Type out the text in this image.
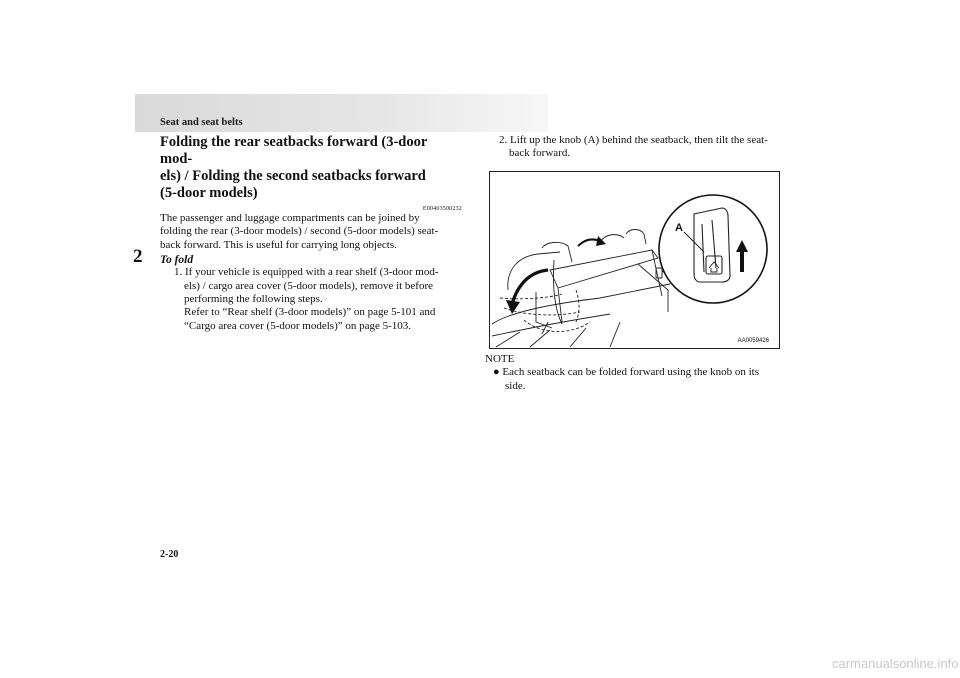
Seat and seat belts
2
Folding the rear seatbacks forward (3-door mod-
els) / Folding the second seatbacks forward
(5-door models)
E00403500232

The passenger and luggage compartments can be joined by

folding the rear (3-door models) / second (5-door models) seat-

back forward. This is useful for carrying long objects.

To fold

1. If your vehicle is equipped with a rear shelf (3-door mod-

els) / cargo area cover (5-door models), remove it before

performing the following steps.

Refer to “Rear shelf (3-door models)” on page 5-101 and

“Cargo area cover (5-door models)” on page 5-103.

2. Lift up the knob (A) behind the seatback, then tilt the seat-

back forward.

A
AA0059426

NOTE

● Each seatback can be folded forward using the knob on its

side.

2-20
carmanualsonline.info
